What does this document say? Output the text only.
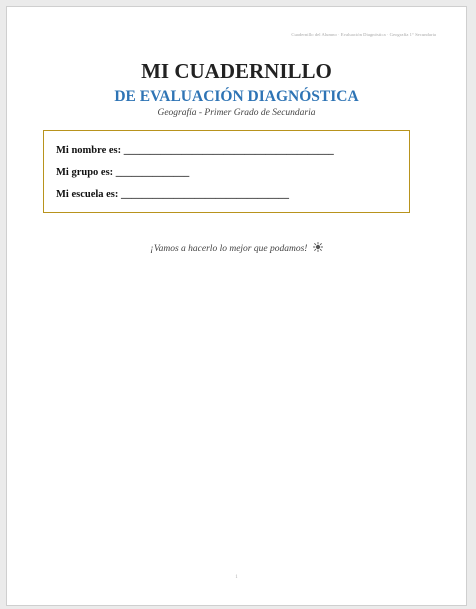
Cuadernillo del Alumno · Evaluación Diagnóstica · Geografía 1° Secundaria
MI CUADERNILLO
DE EVALUACIÓN DIAGNÓSTICA
Geografía - Primer Grado de Secundaria
Mi nombre es: ________________________________________
Mi grupo es: ______________
Mi escuela es: ________________________________
¡Vamos a hacerlo lo mejor que podamos!
1
